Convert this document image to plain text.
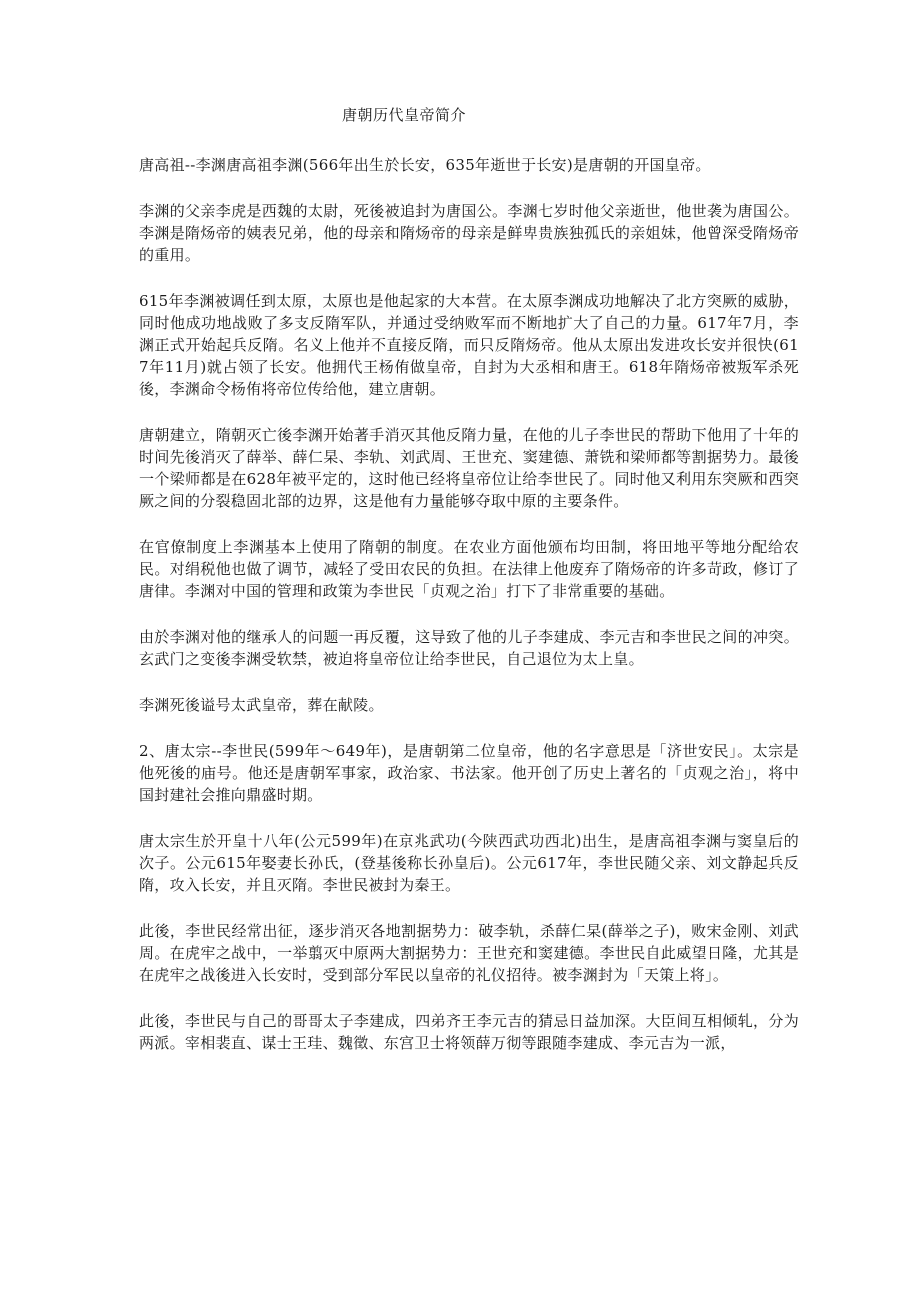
唐朝历代皇帝简介

唐高祖--李渊唐高祖李渊(566年出生於长安，635年逝世于长安)是唐朝的开国皇帝。

李渊的父亲李虎是西魏的太尉，死後被追封为唐国公。李渊七岁时他父亲逝世，他世袭为唐国公。李渊是隋炀帝的姨表兄弟，他的母亲和隋炀帝的母亲是鲜卑贵族独孤氏的亲姐妹，他曾深受隋炀帝的重用。

615年李渊被调任到太原，太原也是他起家的大本营。在太原李渊成功地解决了北方突厥的威胁，同时他成功地战败了多支反隋军队，并通过受纳败军而不断地扩大了自己的力量。617年7月，李渊正式开始起兵反隋。名义上他并不直接反隋，而只反隋炀帝。他从太原出发进攻长安并很快(617年11月)就占领了长安。他拥代王杨侑做皇帝，自封为大丞相和唐王。618年隋炀帝被叛军杀死後，李渊命令杨侑将帝位传给他，建立唐朝。

唐朝建立，隋朝灭亡後李渊开始著手消灭其他反隋力量，在他的儿子李世民的帮助下他用了十年的时间先後消灭了薛举、薛仁杲、李轨、刘武周、王世充、窦建德、萧铣和梁师都等割据势力。最後一个梁师都是在628年被平定的，这时他已经将皇帝位让给李世民了。同时他又利用东突厥和西突厥之间的分裂稳固北部的边界，这是他有力量能够夺取中原的主要条件。

在官僚制度上李渊基本上使用了隋朝的制度。在农业方面他颁布均田制，将田地平等地分配给农民。对绢税他也做了调节，减轻了受田农民的负担。在法律上他废弃了隋炀帝的许多苛政，修订了唐律。李渊对中国的管理和政策为李世民「贞观之治」打下了非常重要的基础。

由於李渊对他的继承人的问题一再反覆，这导致了他的儿子李建成、李元吉和李世民之间的冲突。玄武门之变後李渊受软禁，被迫将皇帝位让给李世民，自己退位为太上皇。

李渊死後谥号太武皇帝，葬在献陵。

2、唐太宗--李世民(599年～649年)，是唐朝第二位皇帝，他的名字意思是「济世安民」。太宗是他死後的庙号。他还是唐朝军事家，政治家、书法家。他开创了历史上著名的「贞观之治」，将中国封建社会推向鼎盛时期。

唐太宗生於开皇十八年(公元599年)在京兆武功(今陕西武功西北)出生，是唐高祖李渊与窦皇后的次子。公元615年娶妻长孙氏，(登基後称长孙皇后)。公元617年，李世民随父亲、刘文静起兵反隋，攻入长安，并且灭隋。李世民被封为秦王。

此後，李世民经常出征，逐步消灭各地割据势力：破李轨，杀薛仁杲(薛举之子)，败宋金刚、刘武周。在虎牢之战中，一举翦灭中原两大割据势力：王世充和窦建德。李世民自此威望日隆，尤其是在虎牢之战後进入长安时，受到部分军民以皇帝的礼仪招待。被李渊封为「天策上将」。

此後，李世民与自己的哥哥太子李建成，四弟齐王李元吉的猜忌日益加深。大臣间互相倾轧，分为两派。宰相裴直、谋士王珪、魏徵、东宫卫士将领薛万彻等跟随李建成、李元吉为一派，
